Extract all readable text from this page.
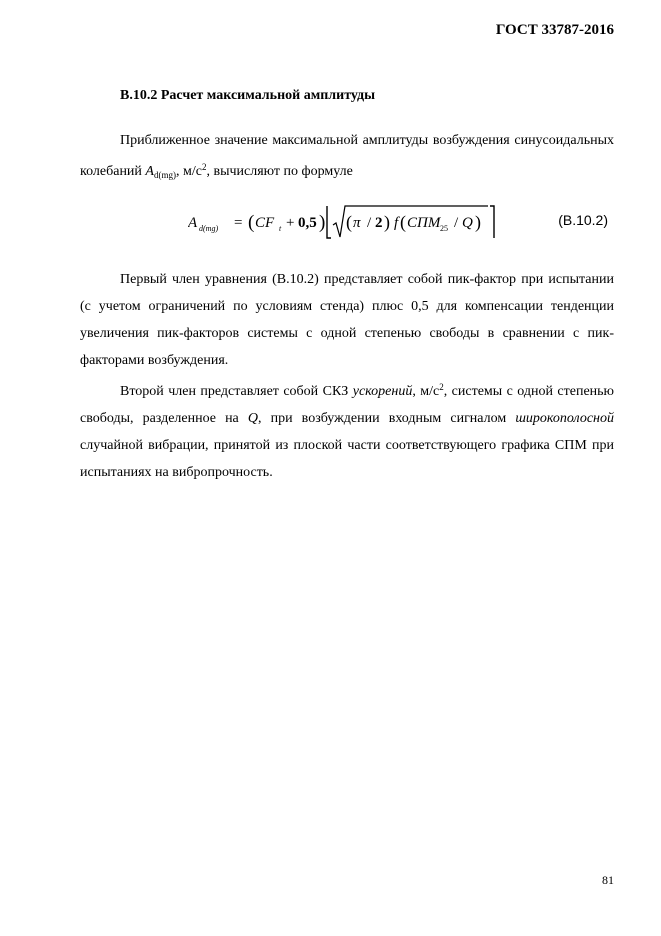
ГОСТ 33787-2016
В.10.2 Расчет максимальной амплитуды

Приближенное значение максимальной амплитуды возбуждения синусоидальных колебаний $A_{d(mg)}$, $м/с^2$, вычисляют по формуле

A d(mg) = ( CF t + 0,5 ) ( π / 2 ) f ( СПМ 25 / Q )	(В.10.2)

Первый член уравнения (В.10.2) представляет собой пик-фактор при испытании (с учетом ограничений по условиям стенда) плюс 0,5 для компенсации тенденции увеличения пик-факторов системы с одной степенью свободы в сравнении с пик-факторами возбуждения.

Второй член представляет собой СКЗ ускорений, $м/с^2$, системы с одной степенью свободы, разделенное на Q, при возбуждении входным сигналом широкополосной случайной вибрации, принятой из плоской части соответствующего графика СПМ при испытаниях на вибропрочность.

81
